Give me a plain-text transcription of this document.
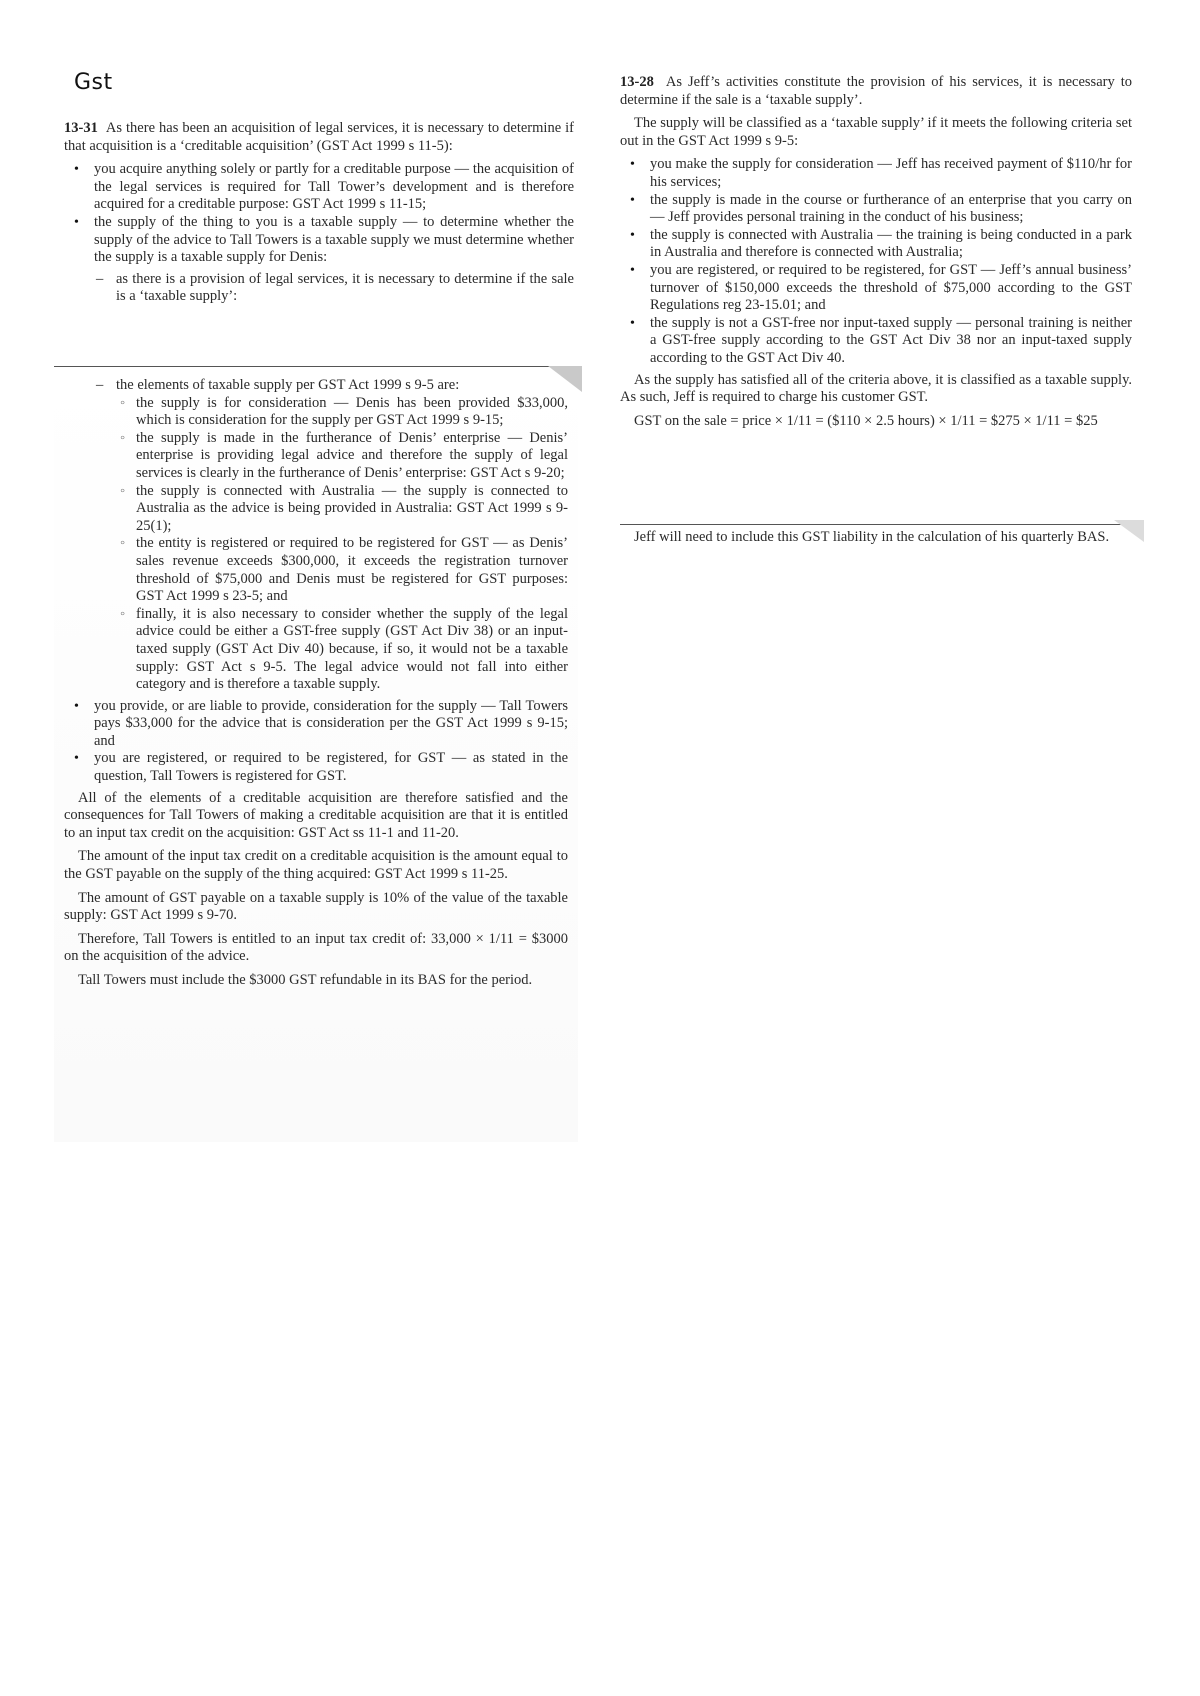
Gst

13-31 As there has been an acquisition of legal services, it is necessary to determine if that acquisition is a ‘creditable acquisition’ (GST Act 1999 s 11-5):

• you acquire anything solely or partly for a creditable purpose — the acquisition of the legal services is required for Tall Tower’s development and is therefore acquired for a creditable purpose: GST Act 1999 s 11-15;
• the supply of the thing to you is a taxable supply — to determine whether the supply of the advice to Tall Towers is a taxable supply we must determine whether the supply is a taxable supply for Denis:
– as there is a provision of legal services, it is necessary to determine if the sale is a ‘taxable supply’:
– the elements of taxable supply per GST Act 1999 s 9-5 are:
◦ the supply is for consideration — Denis has been provided $33,000, which is consideration for the supply per GST Act 1999 s 9-15;
◦ the supply is made in the furtherance of Denis’ enterprise — Denis’ enterprise is providing legal advice and therefore the supply of legal services is clearly in the furtherance of Denis’ enterprise: GST Act s 9-20;
◦ the supply is connected with Australia — the supply is connected to Australia as the advice is being provided in Australia: GST Act 1999 s 9-25(1);
◦ the entity is registered or required to be registered for GST — as Denis’ sales revenue exceeds $300,000, it exceeds the registration turnover threshold of $75,000 and Denis must be registered for GST purposes: GST Act 1999 s 23-5; and
◦ finally, it is also necessary to consider whether the supply of the legal advice could be either a GST-free supply (GST Act Div 38) or an input-taxed supply (GST Act Div 40) because, if so, it would not be a taxable supply: GST Act s 9-5. The legal advice would not fall into either category and is therefore a taxable supply.
• you provide, or are liable to provide, consideration for the supply — Tall Towers pays $33,000 for the advice that is consideration per the GST Act 1999 s 9-15; and
• you are registered, or required to be registered, for GST — as stated in the question, Tall Towers is registered for GST.

All of the elements of a creditable acquisition are therefore satisfied and the consequences for Tall Towers of making a creditable acquisition are that it is entitled to an input tax credit on the acquisition: GST Act ss 11-1 and 11-20.

The amount of the input tax credit on a creditable acquisition is the amount equal to the GST payable on the supply of the thing acquired: GST Act 1999 s 11-25.

The amount of GST payable on a taxable supply is 10% of the value of the taxable supply: GST Act 1999 s 9-70.

Therefore, Tall Towers is entitled to an input tax credit of: 33,000 × 1/11 = $3000 on the acquisition of the advice.

Tall Towers must include the $3000 GST refundable in its BAS for the period.

13-28 As Jeff’s activities constitute the provision of his services, it is necessary to determine if the sale is a ‘taxable supply’.

The supply will be classified as a ‘taxable supply’ if it meets the following criteria set out in the GST Act 1999 s 9-5:

• you make the supply for consideration — Jeff has received payment of $110/hr for his services;
• the supply is made in the course or furtherance of an enterprise that you carry on — Jeff provides personal training in the conduct of his business;
• the supply is connected with Australia — the training is being conducted in a park in Australia and therefore is connected with Australia;
• you are registered, or required to be registered, for GST — Jeff’s annual business’ turnover of $150,000 exceeds the threshold of $75,000 according to the GST Regulations reg 23-15.01; and
• the supply is not a GST-free nor input-taxed supply — personal training is neither a GST-free supply according to the GST Act Div 38 nor an input-taxed supply according to the GST Act Div 40.

As the supply has satisfied all of the criteria above, it is classified as a taxable supply. As such, Jeff is required to charge his customer GST.

GST on the sale = price × 1/11 = ($110 × 2.5 hours) × 1/11 = $275 × 1/11 = $25

Jeff will need to include this GST liability in the calculation of his quarterly BAS.
